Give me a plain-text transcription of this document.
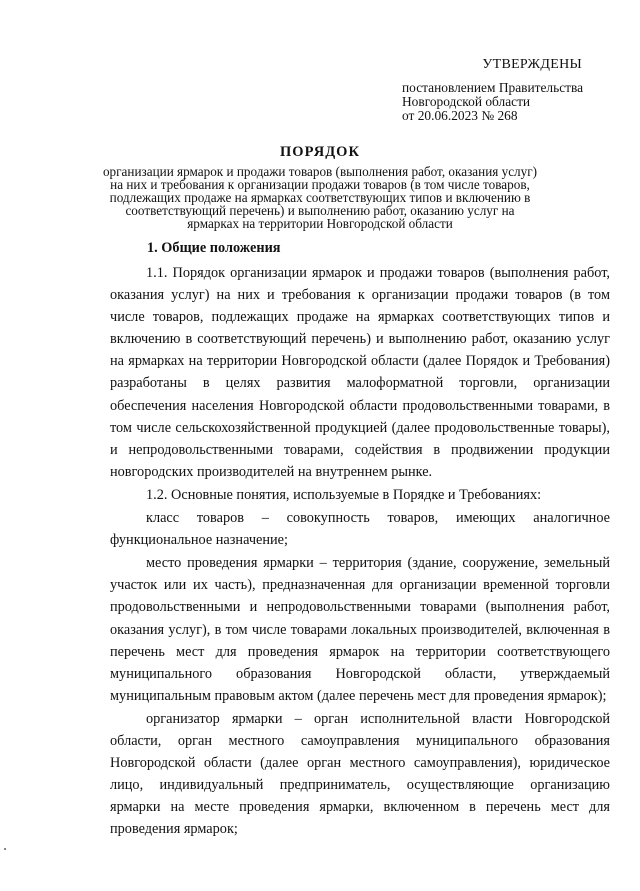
УТВЕРЖДЕНЫ
постановлением Правительства
Новгородской области
от 20.06.2023 № 268
ПОРЯДОК
организации ярмарок и продажи товаров (выполнения работ, оказания услуг)
на них и требования к организации продажи товаров (в том числе товаров,
подлежащих продаже на ярмарках соответствующих типов и включению в
соответствующий перечень) и выполнению работ, оказанию услуг на
ярмарках на территории Новгородской области
1. Общие положения

1.1. Порядок организации ярмарок и продажи товаров (выполнения работ, оказания услуг) на них и требования к организации продажи товаров (в том числе товаров, подлежащих продаже на ярмарках соответствующих типов и включению в соответствующий перечень) и выполнению работ, оказанию услуг на ярмарках на территории Новгородской области (далее Порядок и Требования) разработаны в целях развития малоформатной торговли, организации обеспечения населения Новгородской области продовольственными товарами, в том числе сельскохозяйственной продукцией (далее продовольственные товары), и непродовольственными товарами, содействия в продвижении продукции новгородских производителей на внутреннем рынке.

1.2. Основные понятия, используемые в Порядке и Требованиях:

класс товаров – совокупность товаров, имеющих аналогичное функциональное назначение;

место проведения ярмарки – территория (здание, сооружение, земельный участок или их часть), предназначенная для организации временной торговли продовольственными и непродовольственными товарами (выполнения работ, оказания услуг), в том числе товарами локальных производителей, включенная в перечень мест для проведения ярмарок на территории соответствующего муниципального образования Новгородской области, утверждаемый муниципальным правовым актом (далее перечень мест для проведения ярмарок);

организатор ярмарки – орган исполнительной власти Новгородской области, орган местного самоуправления муниципального образования Новгородской области (далее орган местного самоуправления), юридическое лицо, индивидуальный предприниматель, осуществляющие организацию ярмарки на месте проведения ярмарки, включенном в перечень мест для проведения ярмарок;
